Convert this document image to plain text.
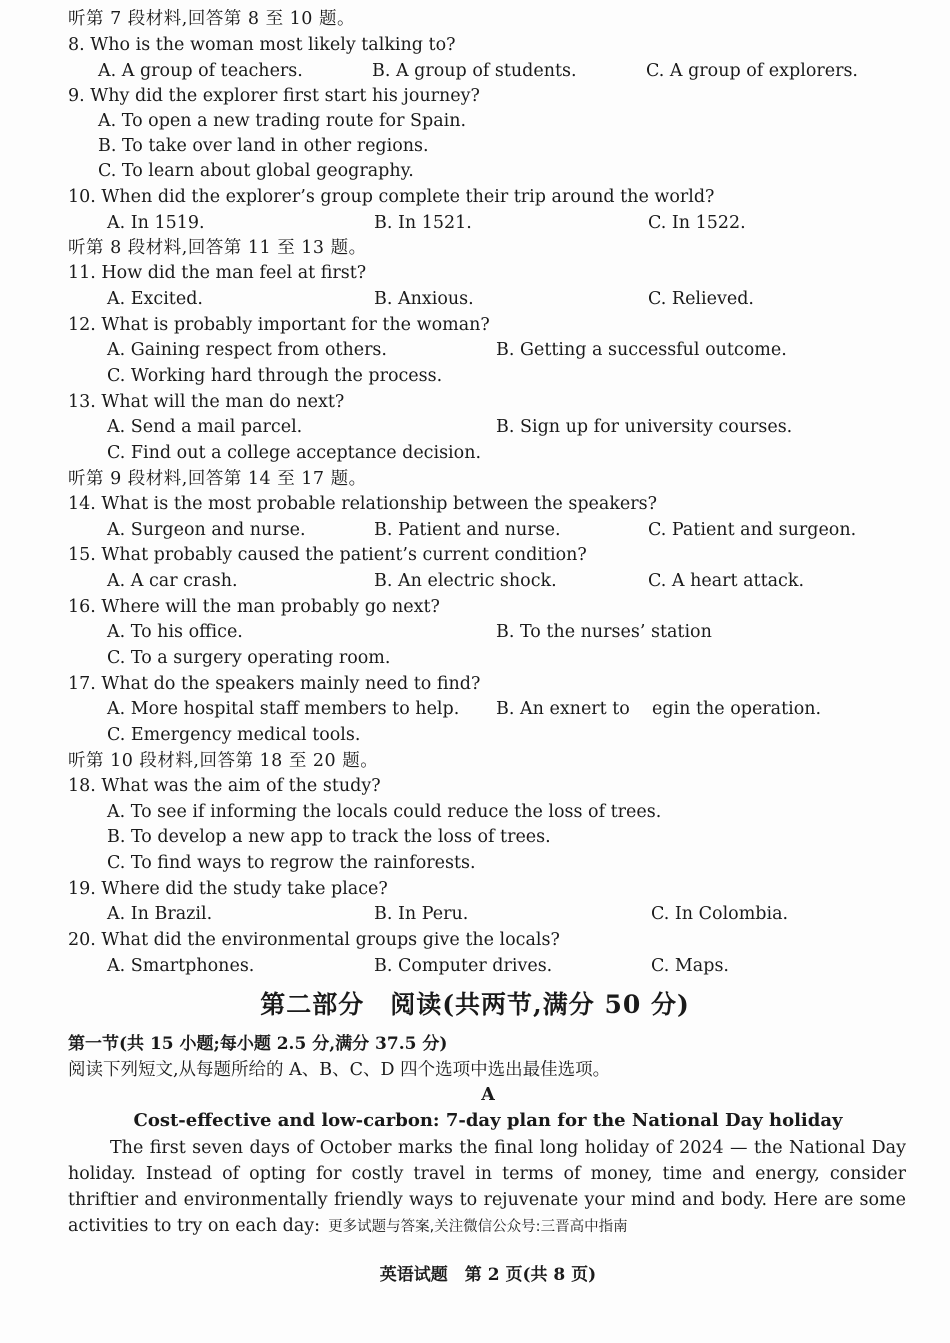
听第 7 段材料,回答第 8 至 10 题。
8. Who is the woman most likely talking to?
A. A group of teachers.	B. A group of students.	C. A group of explorers.
9. Why did the explorer first start his journey?
A. To open a new trading route for Spain.
B. To take over land in other regions.
C. To learn about global geography.
10. When did the explorer’s group complete their trip around the world?
A. In 1519.	B. In 1521.	C. In 1522.
听第 8 段材料,回答第 11 至 13 题。
11. How did the man feel at first?
A. Excited.	B. Anxious.	C. Relieved.
12. What is probably important for the woman?
A. Gaining respect from others.	B. Getting a successful outcome.
C. Working hard through the process.
13. What will the man do next?
A. Send a mail parcel.	B. Sign up for university courses.
C. Find out a college acceptance decision.
听第 9 段材料,回答第 14 至 17 题。
14. What is the most probable relationship between the speakers?
A. Surgeon and nurse.	B. Patient and nurse.	C. Patient and surgeon.
15. What probably caused the patient’s current condition?
A. A car crash.	B. An electric shock.	C. A heart attack.
16. Where will the man probably go next?
A. To his office.	B. To the nurses’ station
C. To a surgery operating room.
17. What do the speakers mainly need to find?
A. More hospital staff members to help. B. An exnert to egin the operation.
C. Emergency medical tools.
听第 10 段材料,回答第 18 至 20 题。
18. What was the aim of the study?
A. To see if informing the locals could reduce the loss of trees.
B. To develop a new app to track the loss of trees.
C. To find ways to regrow the rainforests.
19. Where did the study take place?
A. In Brazil.	B. In Peru.	C. In Colombia.
20. What did the environmental groups give the locals?
A. Smartphones.	B. Computer drives.	C. Maps.
第二部分　阅读(共两节,满分 50 分)
第一节(共 15 小题;每小题 2.5 分,满分 37.5 分)
阅读下列短文,从每题所给的 A、B、C、D 四个选项中选出最佳选项。
A
Cost-effective and low-carbon: 7-day plan for the National Day holiday
The first seven days of October marks the final long holiday of 2024 — the National Day holiday. Instead of opting for costly travel in terms of money, time and energy, consider thriftier and environmentally friendly ways to rejuvenate your mind and body. Here are some activities to try on each day: 更多试题与答案,关注微信公众号:三晋高中指南
英语试题　第 2 页(共 8 页)
